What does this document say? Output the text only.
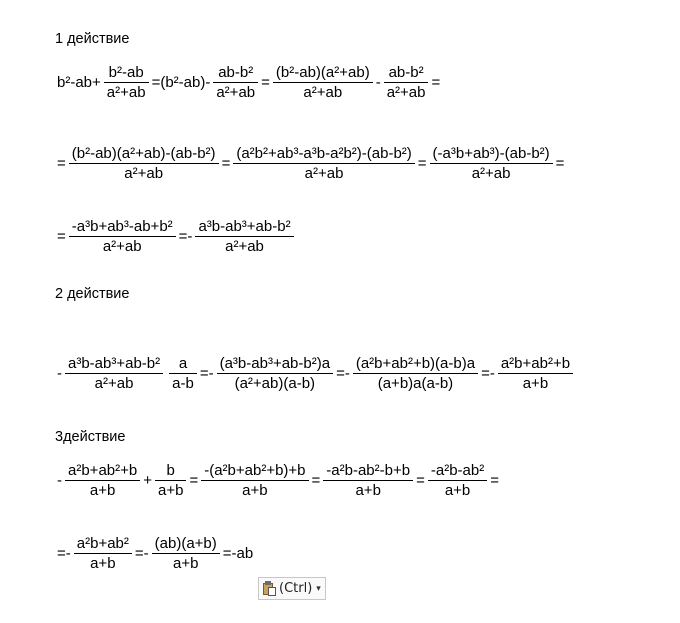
1 действие
$b^2-ab+ \frac{\text{b²-ab}}{\text{a²+ab}} =(b^2-ab)- \frac{\text{ab-b²}}{\text{a²+ab}} = \frac{\text{(b²-ab)(a²+ab)}}{\text{a²+ab}} - \frac{\text{ab-b²}}{\text{a²+ab}}$ =
= $\frac{\text{(b²-ab)(a²+ab)-(ab-b²)}}{\text{a²+ab}} = \frac{\text{(a²b²+ab³-a³b-a²b²)-(ab-b²)}}{\text{a²+ab}} = \frac{\text{(-a³b+ab³)-(ab-b²)}}{\text{a²+ab}}$ =
= $\frac{\text{-a³b+ab³-ab+b²}}{\text{a²+ab}} =- \frac{\text{a³b-ab³+ab-b²}}{\text{a²+ab}}$
2 действие
- $\frac{\text{a³b-ab³+ab-b²}}{\text{a²+ab}} \frac{a}{a-b} =- \frac{\text{(a³b-ab³+ab-b²)a}}{\text{(a²+ab)(a-b)}} =- \frac{\text{(a²b+ab²+b)(a-b)a}}{(a+b)a(a-b)} =- \frac{\text{a²b+ab²+b}}{a+b}$
3действие
- $\frac{\text{a²b+ab²+b}}{a+b} + \frac{b}{a+b} = \frac{\text{-(a²b+ab²+b)+b}}{a+b} = \frac{\text{-a²b-ab²-b+b}}{a+b} = \frac{\text{-a²b-ab²}}{a+b}$ =
=- $\frac{\text{a²b+ab²}}{a+b} =- \frac{(ab)(a+b)}{a+b} =-ab$
(Ctrl) ▾
